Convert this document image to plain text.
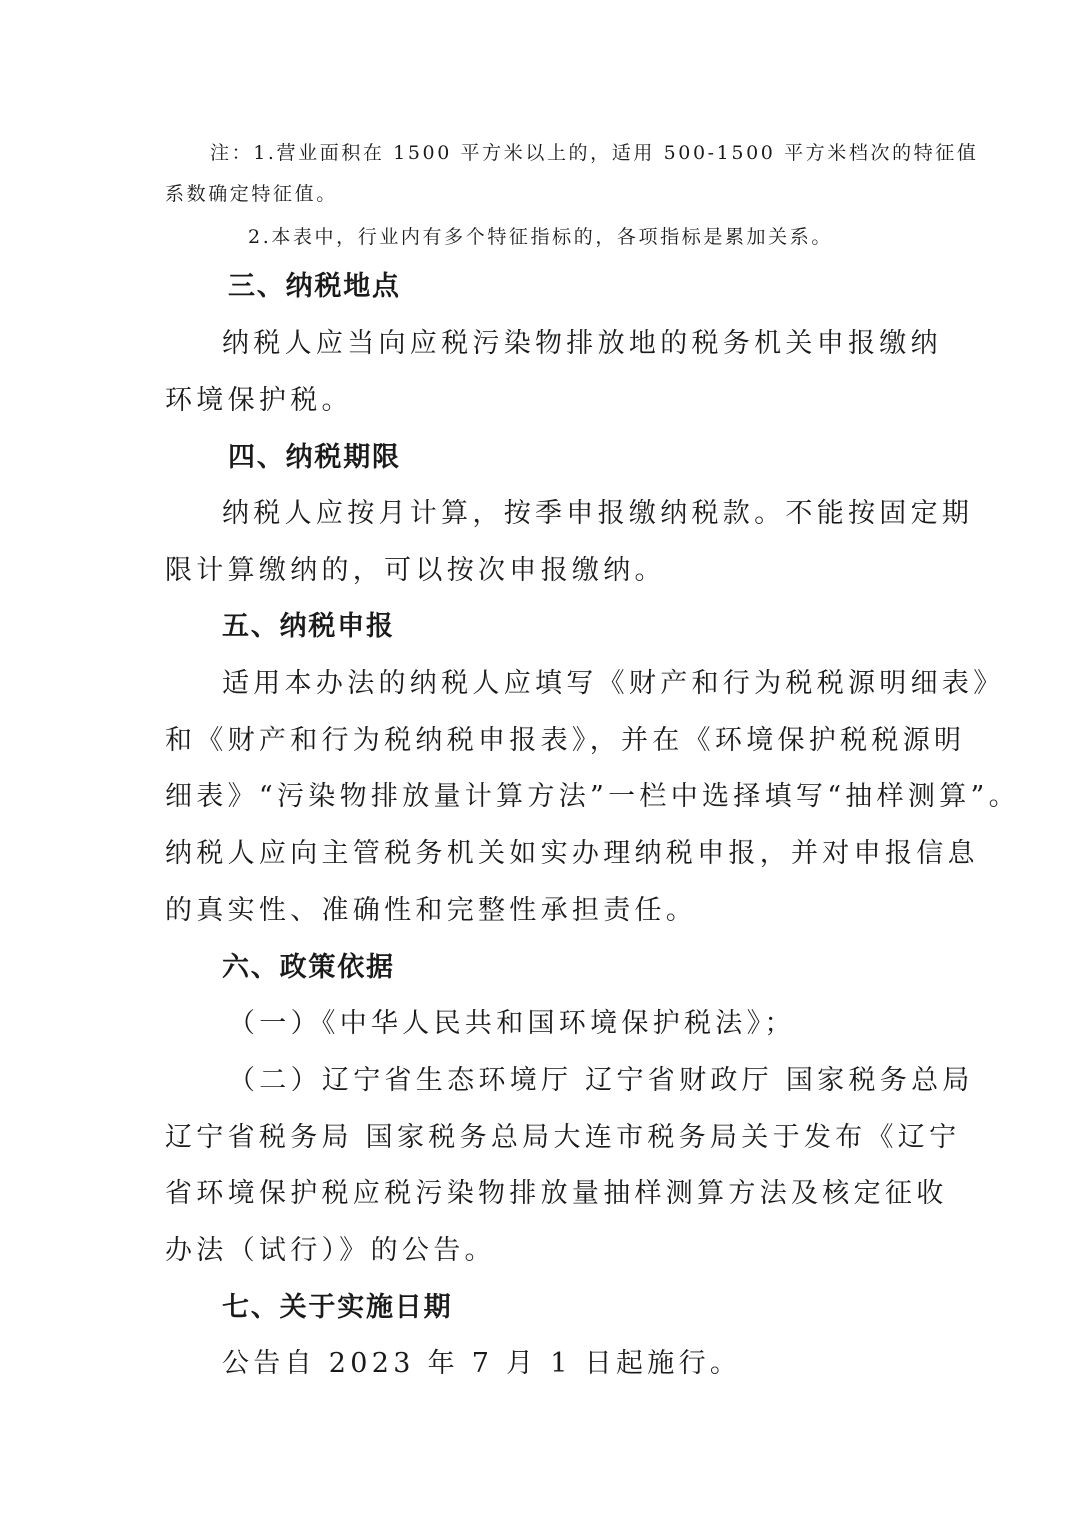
注：1.营业面积在 1500 平方米以上的，适用 500-1500 平方米档次的特征值
系数确定特征值。
2.本表中，行业内有多个特征指标的，各项指标是累加关系。
三、纳税地点
纳税人应当向应税污染物排放地的税务机关申报缴纳
环境保护税。
四、纳税期限
纳税人应按月计算，按季申报缴纳税款。不能按固定期
限计算缴纳的，可以按次申报缴纳。
五、纳税申报
适用本办法的纳税人应填写《财产和行为税税源明细表》
和《财产和行为税纳税申报表》，并在《环境保护税税源明
细表》“污染物排放量计算方法”一栏中选择填写“抽样测算”。
纳税人应向主管税务机关如实办理纳税申报，并对申报信息
的真实性、准确性和完整性承担责任。
六、政策依据
（一）《中华人民共和国环境保护税法》；
（二）辽宁省生态环境厅 辽宁省财政厅 国家税务总局
辽宁省税务局 国家税务总局大连市税务局关于发布《辽宁
省环境保护税应税污染物排放量抽样测算方法及核定征收
办法（试行）》的公告。
七、关于实施日期
公告自 2023 年 7 月 1 日起施行。
